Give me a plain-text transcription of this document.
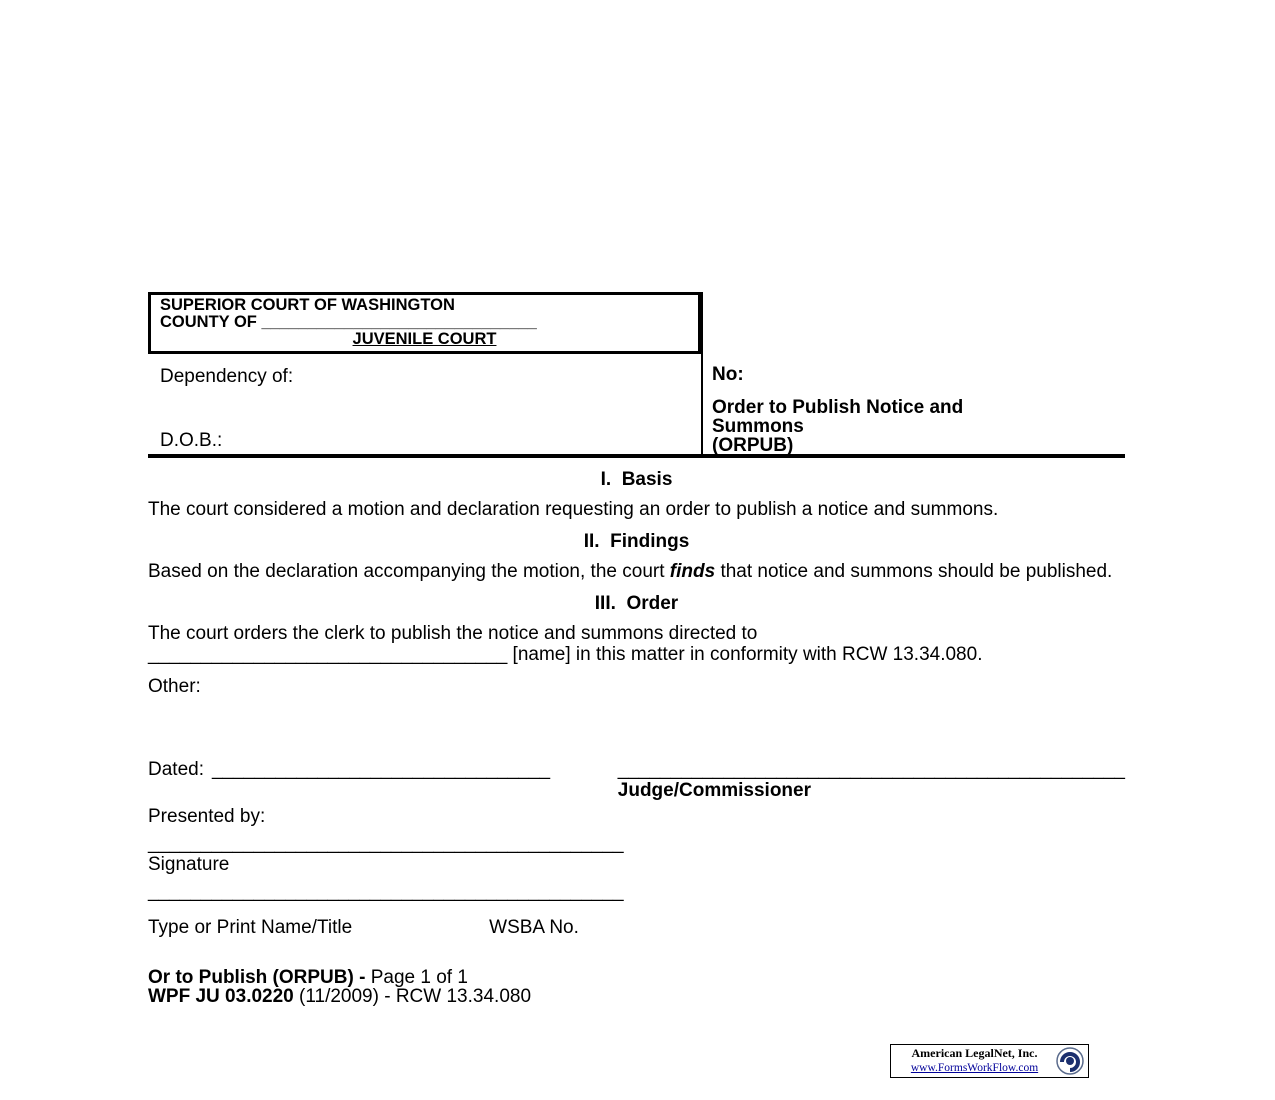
SUPERIOR COURT OF WASHINGTON
COUNTY OF ______________________________
JUVENILE COURT
Dependency of:
D.O.B.:
No:
Order to Publish Notice and
Summons
(ORPUB)
I.  Basis

The court considered a motion and declaration requesting an order to publish a notice and summons.

II.  Findings

Based on the declaration accompanying the motion, the court finds that notice and summons should be published.

III.  Order

The court orders the clerk to publish the notice and summons directed to
__________________________________ [name] in this matter in conformity with RCW 13.34.080.

Other:

Dated: ________________________________	________________________________________________
Judge/Commissioner

Presented by:

_____________________________________________
Signature
_____________________________________________
Type or Print Name/Title	WSBA No.
Or to Publish (ORPUB) - Page 1 of 1
WPF JU 03.0220 (11/2009) - RCW 13.34.080
American LegalNet, Inc.
www.FormsWorkFlow.com
